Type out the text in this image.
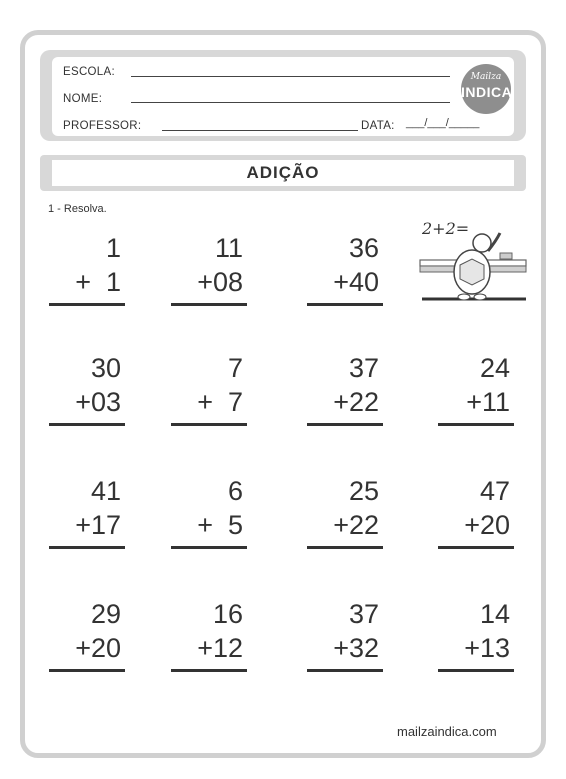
ESCOLA:
NOME:
PROFESSOR:	DATA: ___/___/_____
Mailza
INDICA
ADIÇÃO
1 - Resolva.
1
+  1
11
+08
36
+40
30
+03
7
+  7
37
+22
24
+11
41
+17
6
+  5
25
+22
47
+20
29
+20
16
+12
37
+32
14
+13
2+2=
mailzaindica.com
